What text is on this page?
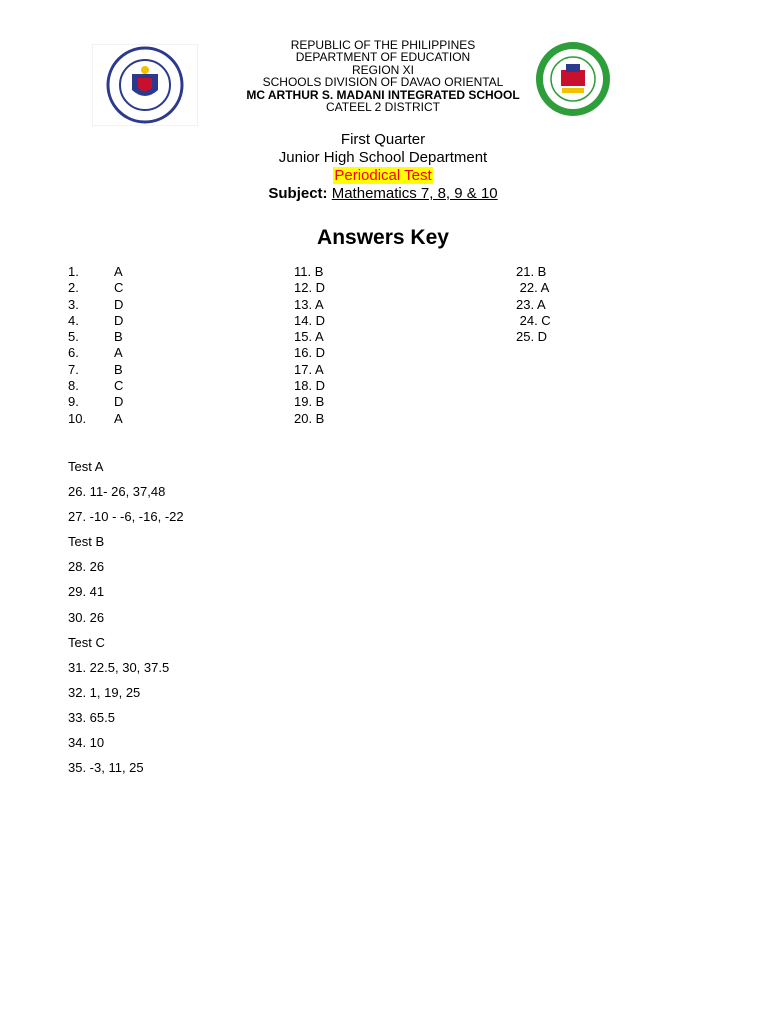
REPUBLIC OF THE PHILIPPINES
DEPARTMENT OF EDUCATION
REGION XI
SCHOOLS DIVISION OF DAVAO ORIENTAL
MC ARTHUR S. MADANI INTEGRATED SCHOOL
CATEEL 2 DISTRICT
First Quarter
Junior High School Department
Periodical Test
Subject: Mathematics 7, 8, 9 & 10
Answers Key
1.	A
2.	C
3.	D
4.	D
5.	B
6.	A
7.	B
8.	C
9.	D
10. A
11. B
12. D
13. A
14. D
15. A
16. D
17. A
18. D
19. B
20. B
21. B
22. A
23. A
24. C
25. D
Test A
26. 11- 26, 37,48
27. -10 - -6, -16, -22
Test B
28. 26
29. 41
30. 26
Test C
31. 22.5, 30, 37.5
32. 1, 19, 25
33. 65.5
34. 10
35. -3, 11, 25
